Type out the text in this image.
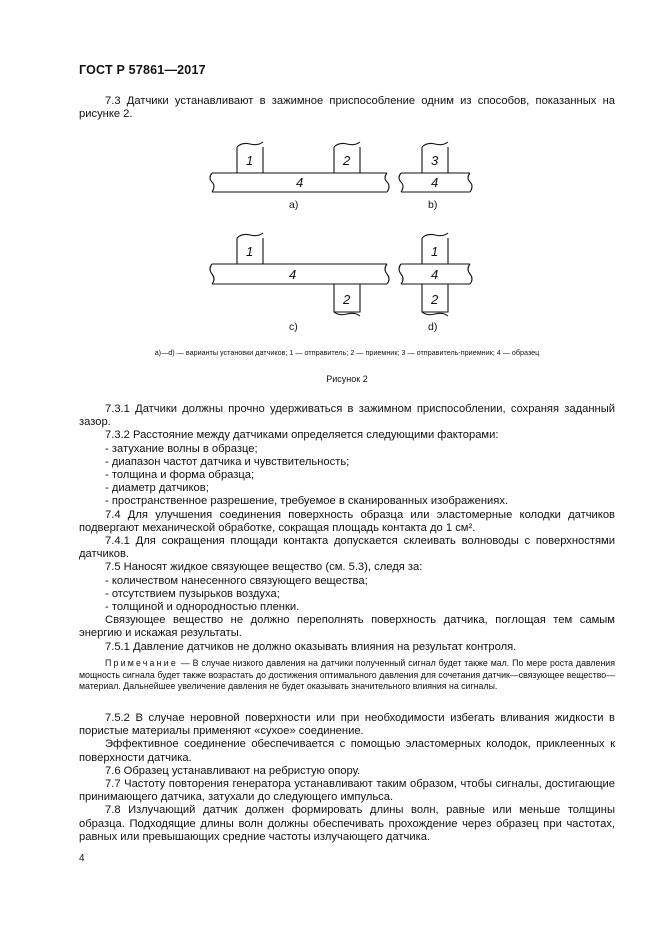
ГОСТ Р 57861—2017

7.3 Датчики устанавливают в зажимное приспособление одним из способов, показанных на рисунке 2.

1	2
4
a)
3
4
b)
1
4
2
c)
1
4
2
d)
а)—d) — варианты установки датчиков; 1 — отправитель; 2 — приемник; 3 — отправитель-приемник; 4 — образец
Рисунок 2

7.3.1 Датчики должны прочно удерживаться в зажимном приспособлении, сохраняя заданный зазор.

7.3.2 Расстояние между датчиками определяется следующими факторами:

- затухание волны в образце;

- диапазон частот датчика и чувствительность;

- толщина и форма образца;

- диаметр датчиков;

- пространственное разрешение, требуемое в сканированных изображениях.

7.4 Для улучшения соединения поверхность образца или эластомерные колодки датчиков подвергают механической обработке, сокращая площадь контакта до 1 см².

7.4.1 Для сокращения площади контакта допускается склеивать волноводы с поверхностями датчиков.

7.5 Наносят жидкое связующее вещество (см. 5.3), следя за:

- количеством нанесенного связующего вещества;

- отсутствием пузырьков воздуха;

- толщиной и однородностью пленки.

Связующее вещество не должно переполнять поверхность датчика, поглощая тем самым энергию и искажая результаты.

7.5.1 Давление датчиков не должно оказывать влияния на результат контроля.

Примечание — В случае низкого давления на датчики полученный сигнал будет также мал. По мере роста давления мощность сигнала будет также возрастать до достижения оптимального давления для сочетания датчик—связующее вещество—материал. Дальнейшее увеличение давления не будет оказывать значительного влияния на сигналы.

7.5.2 В случае неровной поверхности или при необходимости избегать вливания жидкости в пористые материалы применяют «сухое» соединение.

Эффективное соединение обеспечивается с помощью эластомерных колодок, приклеенных к поверхности датчика.

7.6 Образец устанавливают на ребристую опору.

7.7 Частоту повторения генератора устанавливают таким образом, чтобы сигналы, достигающие принимающего датчика, затухали до следующего импульса.

7.8 Излучающий датчик должен формировать длины волн, равные или меньше толщины образца. Подходящие длины волн должны обеспечивать прохождение через образец при частотах, равных или превышающих средние частоты излучающего датчика.

4
